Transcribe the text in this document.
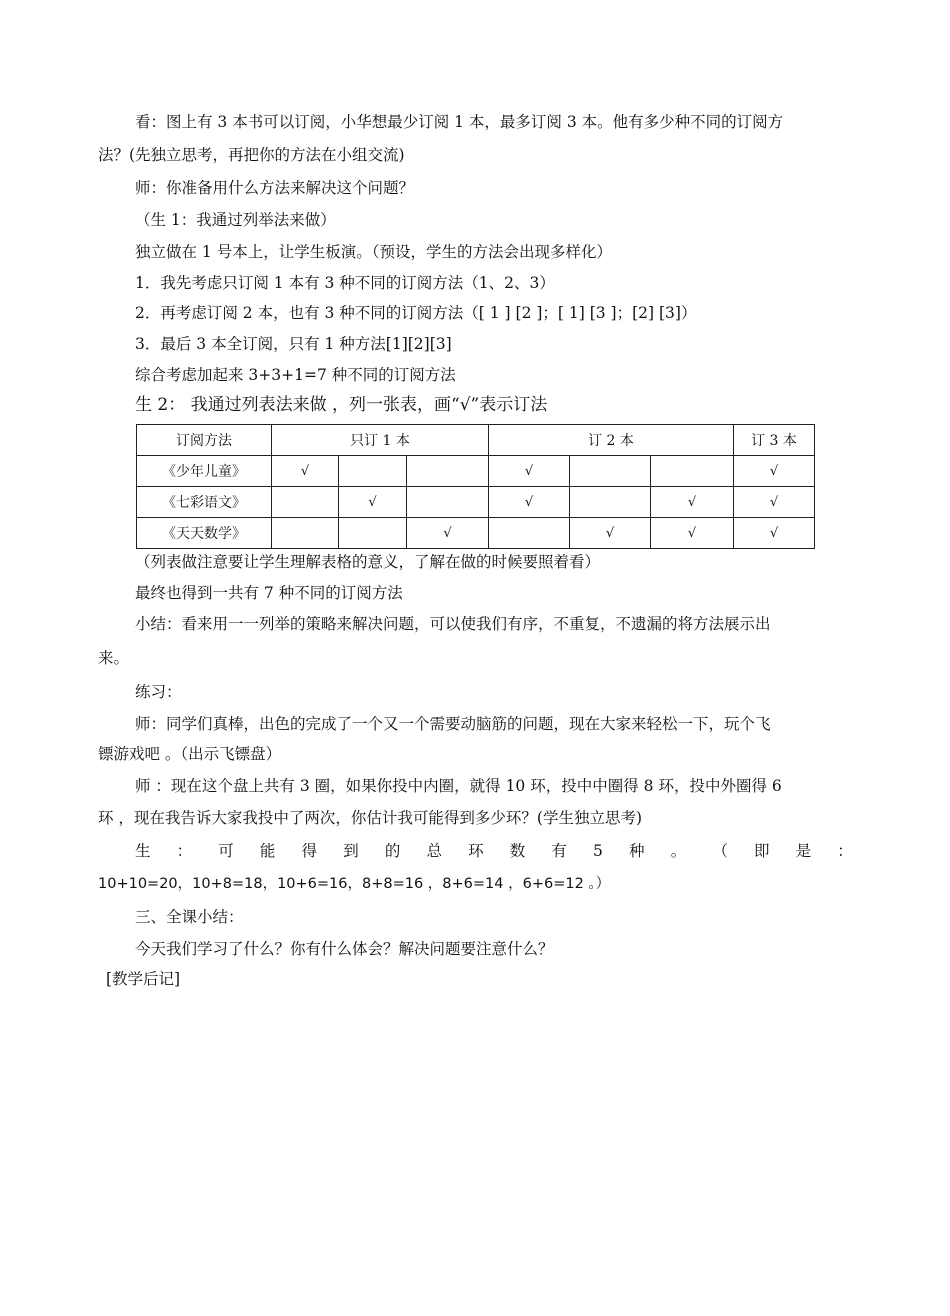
看：图上有 3 本书可以订阅，小华想最少订阅 1 本，最多订阅 3 本。他有多少种不同的订阅方
法？(先独立思考，再把你的方法在小组交流)
师：你准备用什么方法来解决这个问题？
（生 1：我通过列举法来做）
独立做在 1 号本上，让学生板演。（预设，学生的方法会出现多样化）
1．我先考虑只订阅 1 本有 3 种不同的订阅方法（1、2、3）
2．再考虑订阅 2 本，也有 3 种不同的订阅方法（[ 1 ] [2 ]；[ 1] [3 ]；[2] [3]）
3．最后 3 本全订阅，只有 1 种方法[1][2][3]
综合考虑加起来 3+3+1=7 种不同的订阅方法
生 2： 我通过列表法来做 ，列一张表，画“√”表示订法
订阅方法	只订 1 本			订 2 本			订 3 本
《少年儿童》	√			√			√
《七彩语文》		√		√		√	√
《天天数学》			√		√	√	√
（列表做注意要让学生理解表格的意义，了解在做的时候要照着看）
最终也得到一共有 7 种不同的订阅方法
小结：看来用一一列举的策略来解决问题，可以使我们有序，不重复，不遗漏的将方法展示出
来。
练习：
师：同学们真棒，出色的完成了一个又一个需要动脑筋的问题，现在大家来轻松一下，玩个飞
镖游戏吧 。（出示飞镖盘）
师 ：现在这个盘上共有 3 圈，如果你投中内圈，就得 10 环，投中中圈得 8 环，投中外圈得 6
环 ，现在我告诉大家我投中了两次，你估计我可能得到多少环？(学生独立思考)
生 ： 可 能 得 到 的 总 环 数 有 5 种 。 （ 即 是 ：
10+10=20，10+8=18，10+6=16，8+8=16 ，8+6=14 ，6+6=12 。）
三、全课小结：
今天我们学习了什么？你有什么体会？解决问题要注意什么？
[教学后记]
